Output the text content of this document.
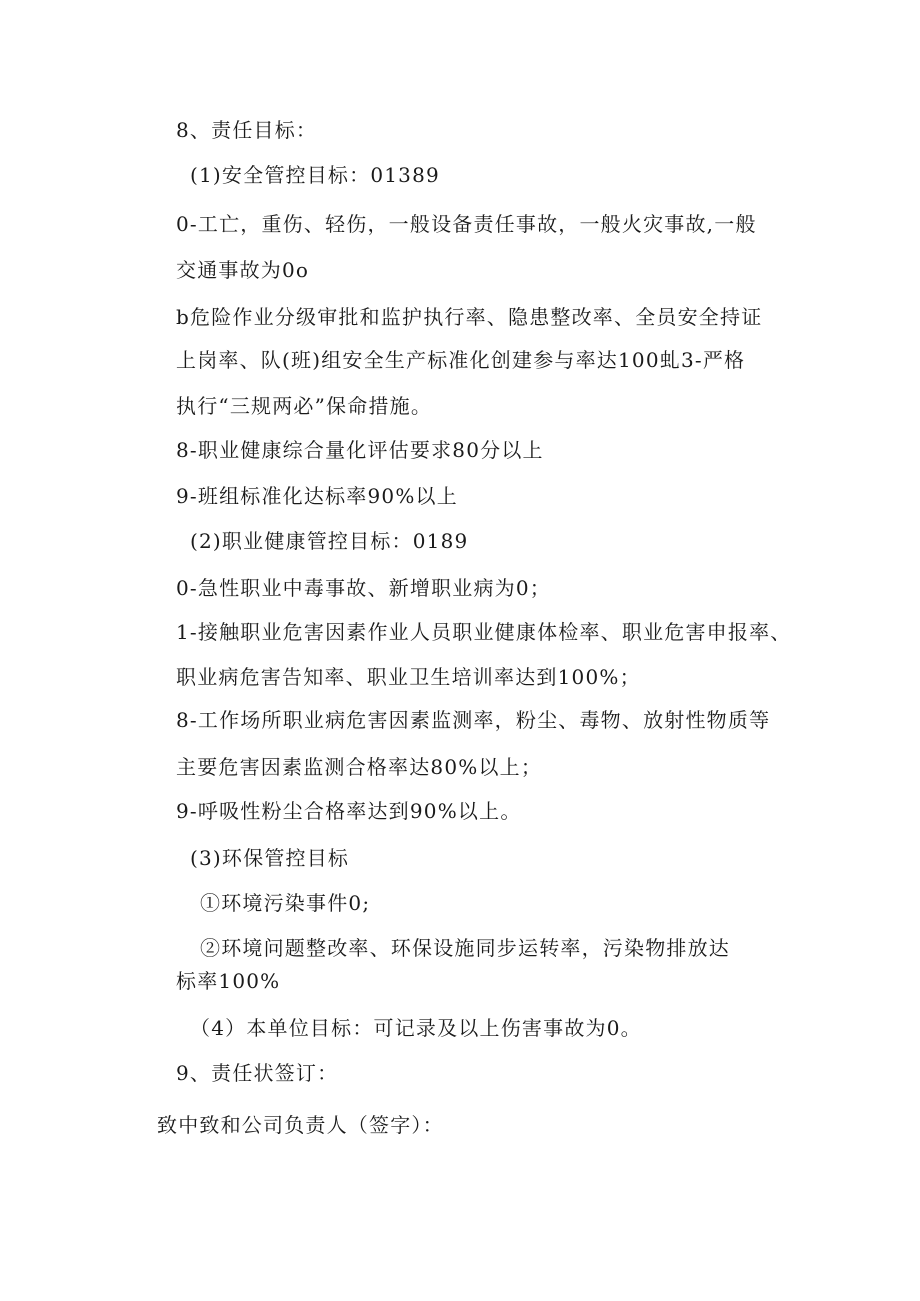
8、责任目标：
(1)安全管控目标：01389
0-工亡，重伤、轻伤，一般设备责任事故，一般火灾事故,一般
交通事故为0o
b危险作业分级审批和监护执行率、隐患整改率、全员安全持证
上岗率、队(班)组安全生产标准化创建参与率达100虬3-严格
执行“三规两必”保命措施。
8-职业健康综合量化评估要求80分以上
9-班组标准化达标率90%以上
(2)职业健康管控目标：0189
0-急性职业中毒事故、新增职业病为0；
1-接触职业危害因素作业人员职业健康体检率、职业危害申报率、
职业病危害告知率、职业卫生培训率达到100%；
8-工作场所职业病危害因素监测率，粉尘、毒物、放射性物质等
主要危害因素监测合格率达80%以上；
9-呼吸性粉尘合格率达到90%以上。
(3)环保管控目标
①环境污染事件0;
②环境问题整改率、环保设施同步运转率，污染物排放达
标率100%
（4）本单位目标：可记录及以上伤害事故为0。
9、责任状签订：
致中致和公司负责人（签字）：
